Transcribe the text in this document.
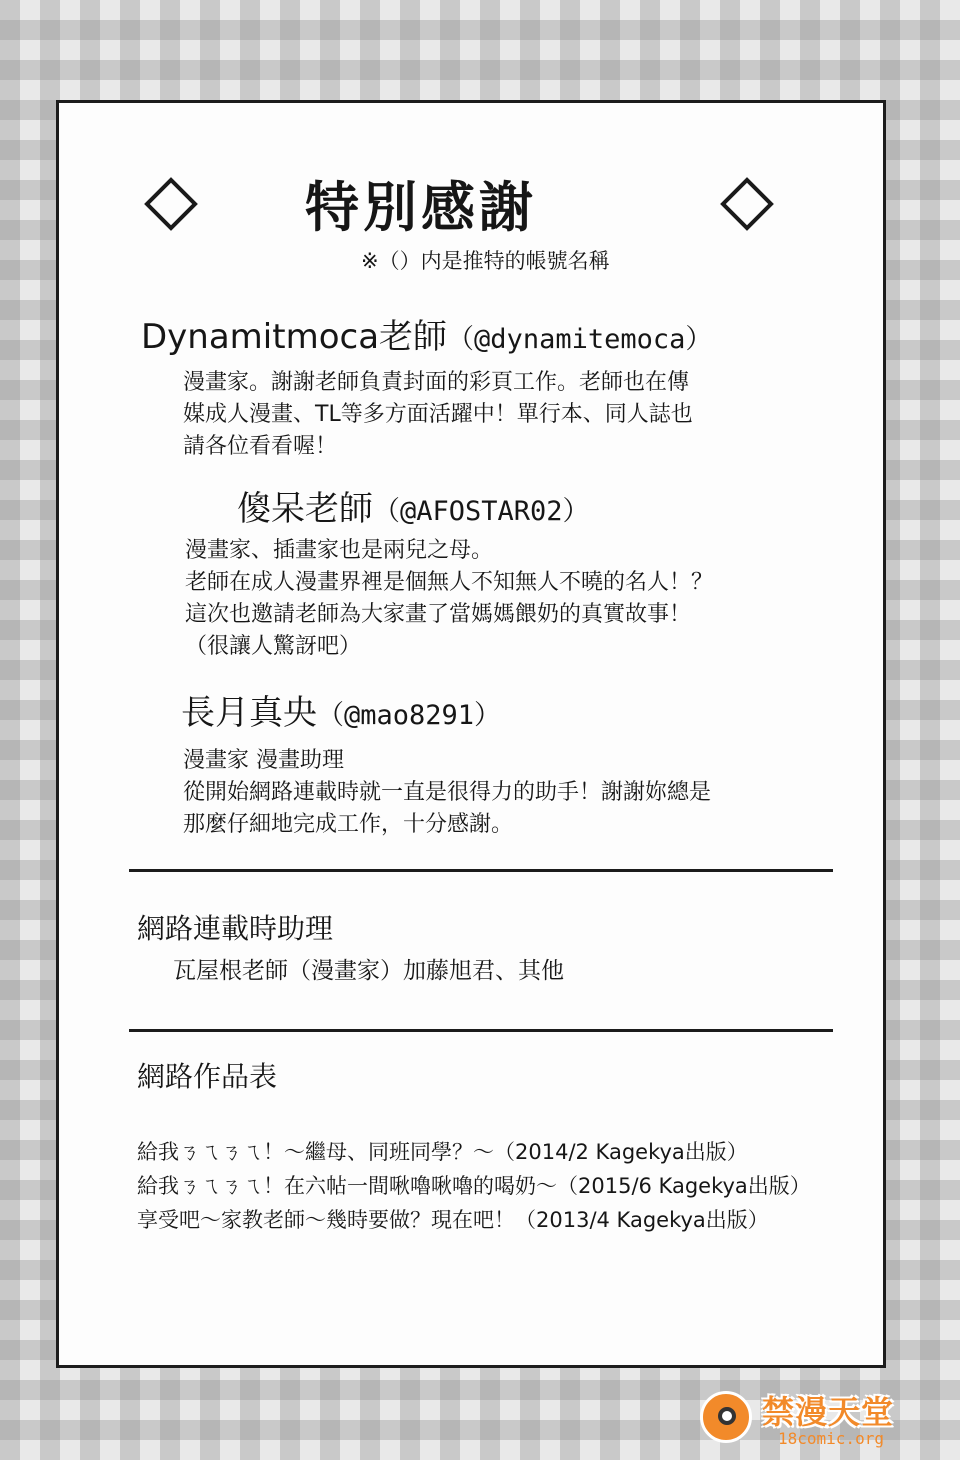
特別感謝
※（）内是推特的帳號名稱
Dynamitmoca老師（@dynamitemoca）
漫畫家。謝謝老師負責封面的彩頁工作。老師也在傳
媒成人漫畫、TL等多方面活躍中！單行本、同人誌也
請各位看看喔！
傻呆老師（@AFOSTAR02）
漫畫家、插畫家也是兩兒之母。
老師在成人漫畫界裡是個無人不知無人不曉的名人！？
這次也邀請老師為大家畫了當媽媽餵奶的真實故事！
（很讓人驚訝吧）
長月真央（@mao8291）
漫畫家 漫畫助理
從開始網路連載時就一直是很得力的助手！謝謝妳總是
那麼仔細地完成工作，十分感謝。
網路連載時助理
瓦屋根老師（漫畫家）加藤旭君、其他
網路作品表
給我ㄋㄟㄋㄟ！～繼母、同班同學？～（2014/2 Kagekya出版）
給我ㄋㄟㄋㄟ！在六帖一間啾嚕啾嚕的喝奶～（2015/6 Kagekya出版）
享受吧～家教老師～幾時要做？現在吧！（2013/4 Kagekya出版）
禁漫天堂
18comic.org
